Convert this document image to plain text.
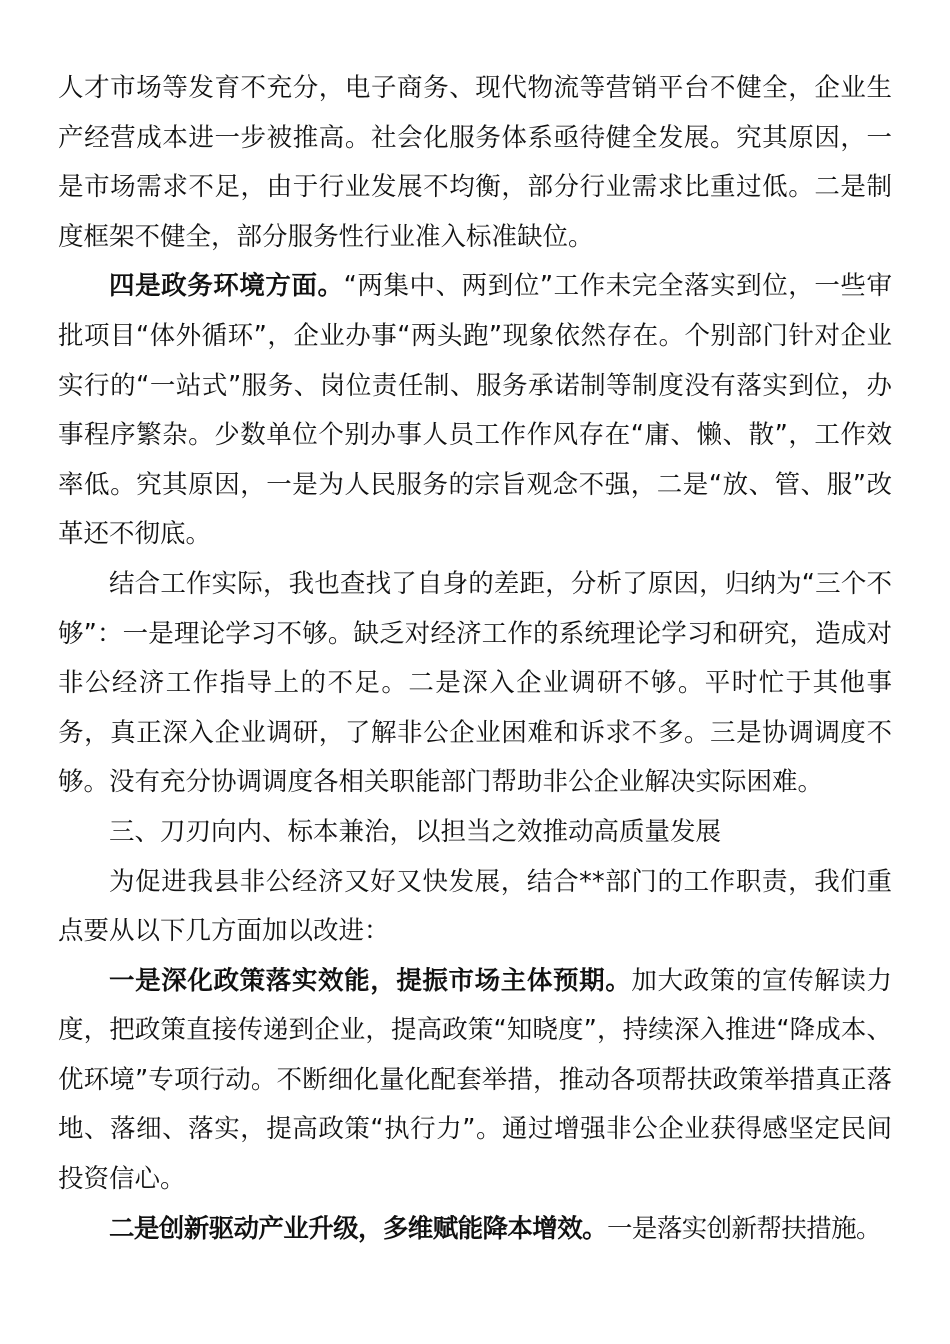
人才市场等发育不充分，电子商务、现代物流等营销平台不健全，企业生产经营成本进一步被推高。社会化服务体系亟待健全发展。究其原因，一是市场需求不足，由于行业发展不均衡，部分行业需求比重过低。二是制度框架不健全，部分服务性行业准入标准缺位。

四是政务环境方面。“两集中、两到位”工作未完全落实到位，一些审批项目“体外循环”，企业办事“两头跑”现象依然存在。个别部门针对企业实行的“一站式”服务、岗位责任制、服务承诺制等制度没有落实到位，办事程序繁杂。少数单位个别办事人员工作作风存在“庸、懒、散”，工作效率低。究其原因，一是为人民服务的宗旨观念不强，二是“放、管、服”改革还不彻底。

结合工作实际，我也查找了自身的差距，分析了原因，归纳为“三个不够”：一是理论学习不够。缺乏对经济工作的系统理论学习和研究，造成对非公经济工作指导上的不足。二是深入企业调研不够。平时忙于其他事务，真正深入企业调研，了解非公企业困难和诉求不多。三是协调调度不够。没有充分协调调度各相关职能部门帮助非公企业解决实际困难。

三、刀刃向内、标本兼治，以担当之效推动高质量发展

为促进我县非公经济又好又快发展，结合**部门的工作职责，我们重点要从以下几方面加以改进：

一是深化政策落实效能，提振市场主体预期。加大政策的宣传解读力度，把政策直接传递到企业，提高政策“知晓度”，持续深入推进“降成本、优环境”专项行动。不断细化量化配套举措，推动各项帮扶政策举措真正落地、落细、落实，提高政策“执行力”。通过增强非公企业获得感坚定民间投资信心。

二是创新驱动产业升级，多维赋能降本增效。一是落实创新帮扶措施。
